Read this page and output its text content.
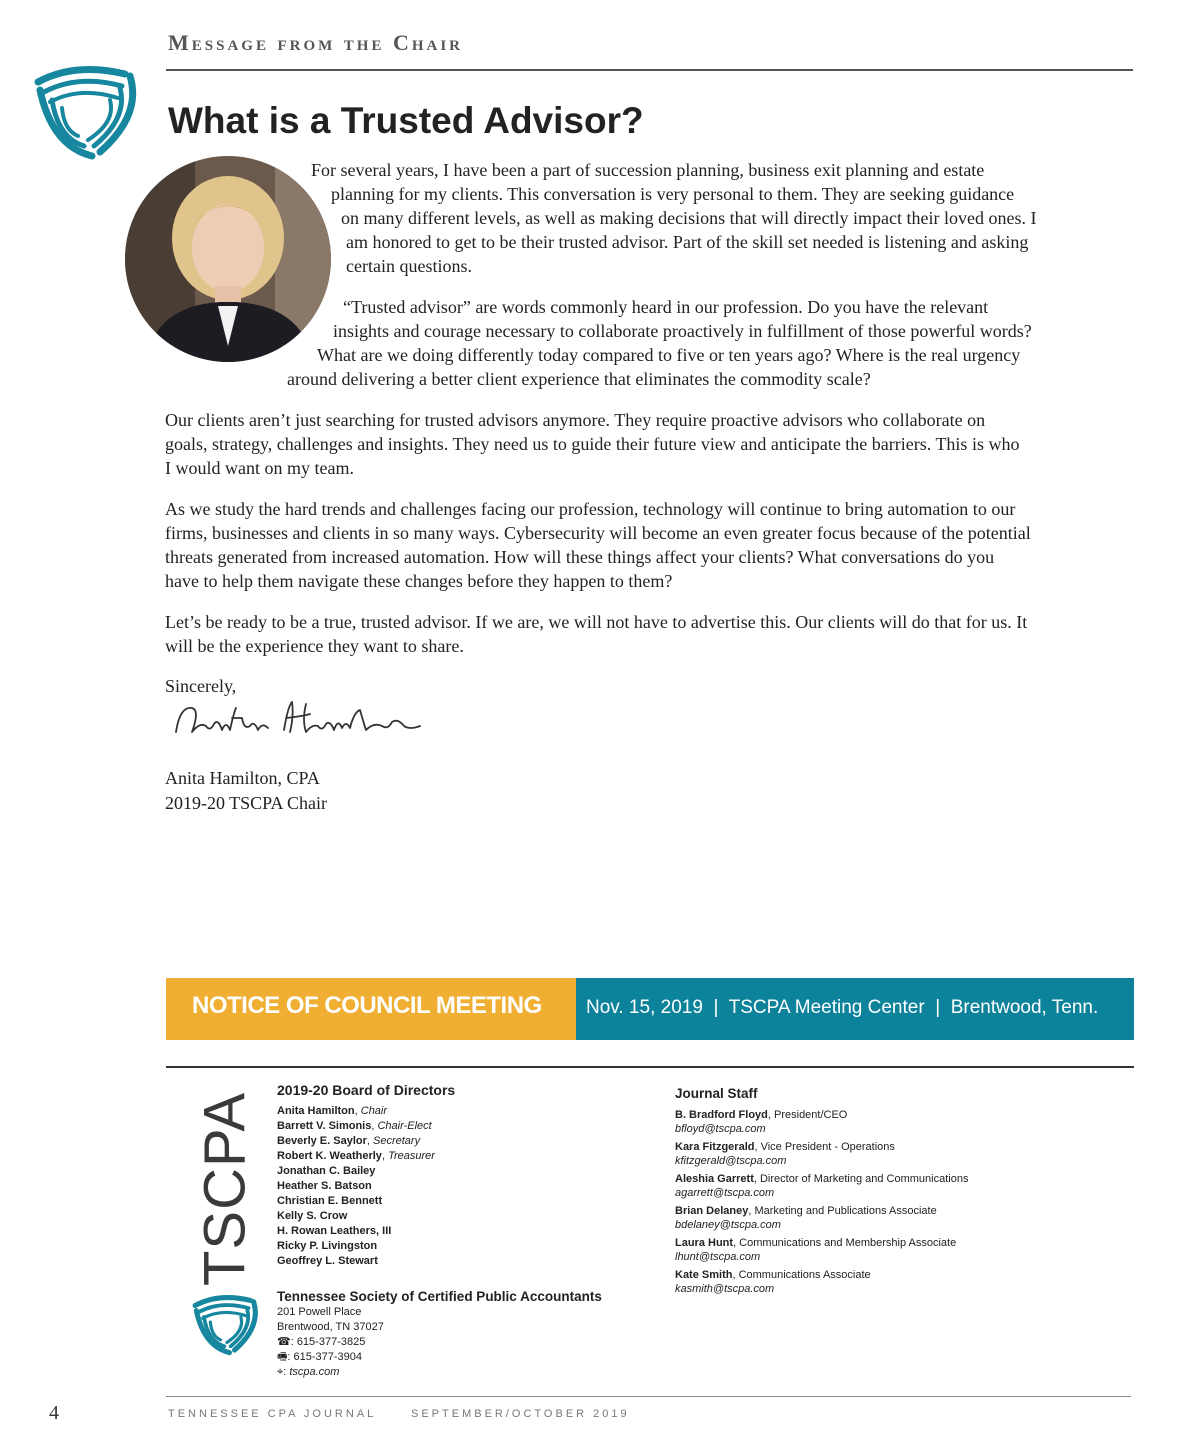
Message from the Chair
What is a Trusted Advisor?
For several years, I have been a part of succession planning, business exit planning and estate
planning for my clients. This conversation is very personal to them. They are seeking guidance
on many different levels, as well as making decisions that will directly impact their loved ones. I
am honored to get to be their trusted advisor. Part of the skill set needed is listening and asking
certain questions.
“Trusted advisor” are words commonly heard in our profession. Do you have the relevant
insights and courage necessary to collaborate proactively in fulfillment of those powerful words?
What are we doing differently today compared to five or ten years ago? Where is the real urgency
around delivering a better client experience that eliminates the commodity scale?
Our clients aren’t just searching for trusted advisors anymore. They require proactive advisors who collaborate on
goals, strategy, challenges and insights. They need us to guide their future view and anticipate the barriers. This is who
I would want on my team.
As we study the hard trends and challenges facing our profession, technology will continue to bring automation to our
firms, businesses and clients in so many ways. Cybersecurity will become an even greater focus because of the potential
threats generated from increased automation. How will these things affect your clients? What conversations do you
have to help them navigate these changes before they happen to them?
Let’s be ready to be a true, trusted advisor. If we are, we will not have to advertise this. Our clients will do that for us. It
will be the experience they want to share.
Sincerely,
Anita Hamilton, CPA
2019-20 TSCPA Chair
NOTICE OF COUNCIL MEETING Nov. 15, 2019  |  TSCPA Meeting Center  |  Brentwood, Tenn.
TSCPA
2019-20 Board of Directors
Anita Hamilton, Chair
Barrett V. Simonis, Chair-Elect
Beverly E. Saylor, Secretary
Robert K. Weatherly, Treasurer
Jonathan C. Bailey
Heather S. Batson
Christian E. Bennett
Kelly S. Crow
H. Rowan Leathers, III
Ricky P. Livingston
Geoffrey L. Stewart
Tennessee Society of Certified Public Accountants
201 Powell Place
Brentwood, TN 37027
☎: 615-377-3825
🖷: 615-377-3904
⌖: tscpa.com
Journal Staff
B. Bradford Floyd, President/CEO
bfloyd@tscpa.com
Kara Fitzgerald, Vice President - Operations
kfitzgerald@tscpa.com
Aleshia Garrett, Director of Marketing and Communications
agarrett@tscpa.com
Brian Delaney, Marketing and Publications Associate
bdelaney@tscpa.com
Laura Hunt, Communications and Membership Associate
lhunt@tscpa.com
Kate Smith, Communications Associate
kasmith@tscpa.com
4	TENNESSEE CPA JOURNAL	SEPTEMBER/OCTOBER 2019
